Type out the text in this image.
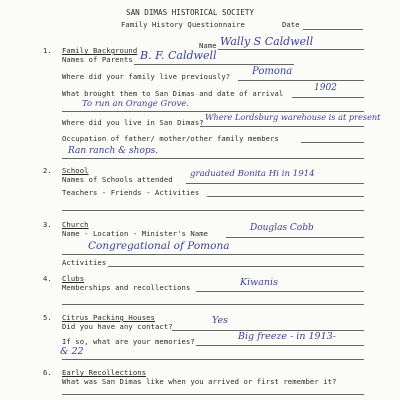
SAN DIMAS HISTORICAL SOCIETY
Family History Questionnaire	Date
Name Wally S Caldwell
1. Family Background
Names of Parents B. F. Caldwell
Where did your family live previously? Pomona
What brought them to San Dimas and date of arrival
1902
To run an Orange Grove.
Where did you live in San Dimas?
Where Lordsburg warehouse is at present
Occupation of father/ mother/other family members
Ran ranch & shops.
2. School
Names of Schools attended
graduated Bonita Hi in 1914
Teachers - Friends - Activities
3. Church
Name - Location - Minister's Name
Douglas Cobb
Congregational of Pomona
Activities
4. Clubs
Memberships and recollections	Kiwanis
5. Citrus Packing Houses
Did you have any contact?
Yes
If so, what are your memories?	Big freeze - in 1913-
& 22
6. Early Recollections
What was San Dimas like when you arrived or first remember it?
